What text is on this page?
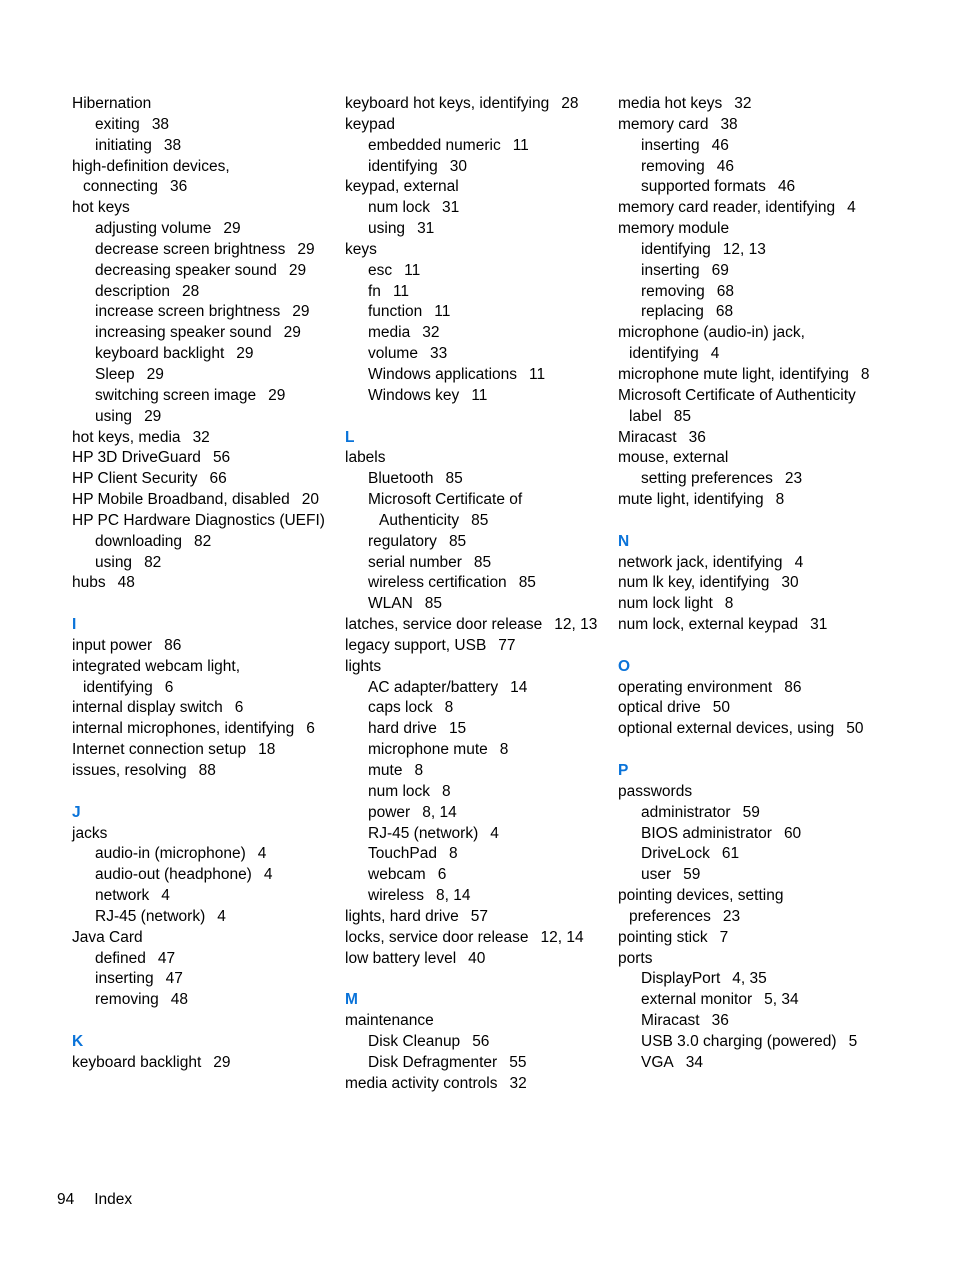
Hibernation
exiting 38
initiating 38
high-definition devices, connecting 36
hot keys
adjusting volume 29
decrease screen brightness 29
decreasing speaker sound 29
description 28
increase screen brightness 29
increasing speaker sound 29
keyboard backlight 29
Sleep 29
switching screen image 29
using 29
hot keys, media 32
HP 3D DriveGuard 56
HP Client Security 66
HP Mobile Broadband, disabled 20
HP PC Hardware Diagnostics (UEFI)
downloading 82
using 82
hubs 48
I
input power 86
integrated webcam light, identifying 6
internal display switch 6
internal microphones, identifying 6
Internet connection setup 18
issues, resolving 88
J
jacks
audio-in (microphone) 4
audio-out (headphone) 4
network 4
RJ-45 (network) 4
Java Card
defined 47
inserting 47
removing 48
K
keyboard backlight 29
keyboard hot keys, identifying 28
keypad
embedded numeric 11
identifying 30
keypad, external
num lock 31
using 31
keys
esc 11
fn 11
function 11
media 32
volume 33
Windows applications 11
Windows key 11
L
labels
Bluetooth 85
Microsoft Certificate of Authenticity 85
regulatory 85
serial number 85
wireless certification 85
WLAN 85
latches, service door release 12, 13
legacy support, USB 77
lights
AC adapter/battery 14
caps lock 8
hard drive 15
microphone mute 8
mute 8
num lock 8
power 8, 14
RJ-45 (network) 4
TouchPad 8
webcam 6
wireless 8, 14
lights, hard drive 57
locks, service door release 12, 14
low battery level 40
M
maintenance
Disk Cleanup 56
Disk Defragmenter 55
media activity controls 32
media hot keys 32
memory card 38
inserting 46
removing 46
supported formats 46
memory card reader, identifying 4
memory module
identifying 12, 13
inserting 69
removing 68
replacing 68
microphone (audio-in) jack, identifying 4
microphone mute light, identifying 8
Microsoft Certificate of Authenticity label 85
Miracast 36
mouse, external
setting preferences 23
mute light, identifying 8
N
network jack, identifying 4
num lk key, identifying 30
num lock light 8
num lock, external keypad 31
O
operating environment 86
optical drive 50
optional external devices, using 50
P
passwords
administrator 59
BIOS administrator 60
DriveLock 61
user 59
pointing devices, setting preferences 23
pointing stick 7
ports
DisplayPort 4, 35
external monitor 5, 34
Miracast 36
USB 3.0 charging (powered) 5
VGA 34
94 Index
